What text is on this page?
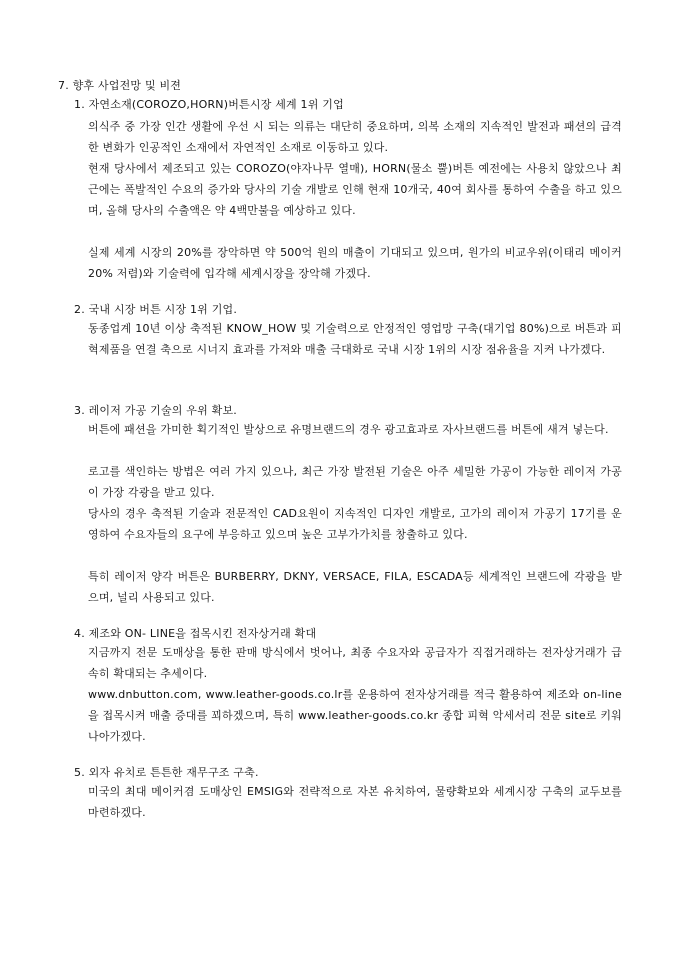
7. 향후 사업전망 및 비젼
1. 자연소재(COROZO,HORN)버튼시장 세계 1위 기업

의식주 중 가장 인간 생활에 우선 시 되는 의류는 대단히 중요하며, 의복 소재의 지속적인 발전과 패션의 급격한 변화가 인공적인 소재에서 자연적인 소재로 이동하고 있다.

현재 당사에서 제조되고 있는 COROZO(야자나무 열매), HORN(물소 뿔)버튼 예전에는 사용치 않았으나 최근에는 폭발적인 수요의 증가와 당사의 기술 개발로 인해 현재 10개국, 40여 회사를 통하여 수출을 하고 있으며, 올해 당사의 수출액은 약 4백만불을 예상하고 있다.

실제 세계 시장의 20%를 장악하면 약 500억 원의 매출이 기대되고 있으며, 원가의 비교우위(이태리 메이커 20% 저렴)와 기술력에 입각해 세계시장을 장악해 가겠다.

2. 국내 시장 버튼 시장 1위 기업.

동종업계 10년 이상 축적된 KNOW_HOW 및 기술력으로 안정적인 영업망 구축(대기업 80%)으로 버튼과 피혁제품을 연결 축으로 시너지 효과를 가져와 매출 극대화로 국내 시장 1위의 시장 점유율을 지켜 나가겠다.

3. 레이저 가공 기술의 우위 확보.

버튼에 패션을 가미한 획기적인 발상으로 유명브랜드의 경우 광고효과로 자사브랜드를 버튼에 새겨 넣는다.

로고를 색인하는 방법은 여러 가지 있으나, 최근 가장 발전된 기술은 아주 세밀한 가공이 가능한 레이저 가공이 가장 각광을 받고 있다.

당사의 경우 축적된 기술과 전문적인 CAD요원이 지속적인 디자인 개발로, 고가의 레이저 가공기 17기를 운영하여 수요자들의 요구에 부응하고 있으며 높은 고부가가치를 창출하고 있다.

특히 레이저 양각 버튼은 BURBERRY, DKNY, VERSACE, FILA, ESCADA등 세계적인 브랜드에 각광을 받으며, 널리 사용되고 있다.

4. 제조와 ON- LINE을 접목시킨 전자상거래 확대

지금까지 전문 도매상을 통한 판매 방식에서 벗어나, 최종 수요자와 공급자가 직접거래하는 전자상거래가 급속히 확대되는 추세이다.

www.dnbutton.com, www.leather-goods.co.lr를 운용하여 전자상거래를 적극 활용하여 제조와 on-line을 접목시켜 매출 증대를 꾀하겠으며, 특히 www.leather-goods.co.kr 종합 피혁 악세서리 전문 site로 키워 나아가겠다.

5. 외자 유치로 튼튼한 재무구조 구축.

미국의 최대 메이커겸 도매상인 EMSIG와 전략적으로 자본 유치하여, 물량확보와 세계시장 구축의 교두보를 마련하겠다.
